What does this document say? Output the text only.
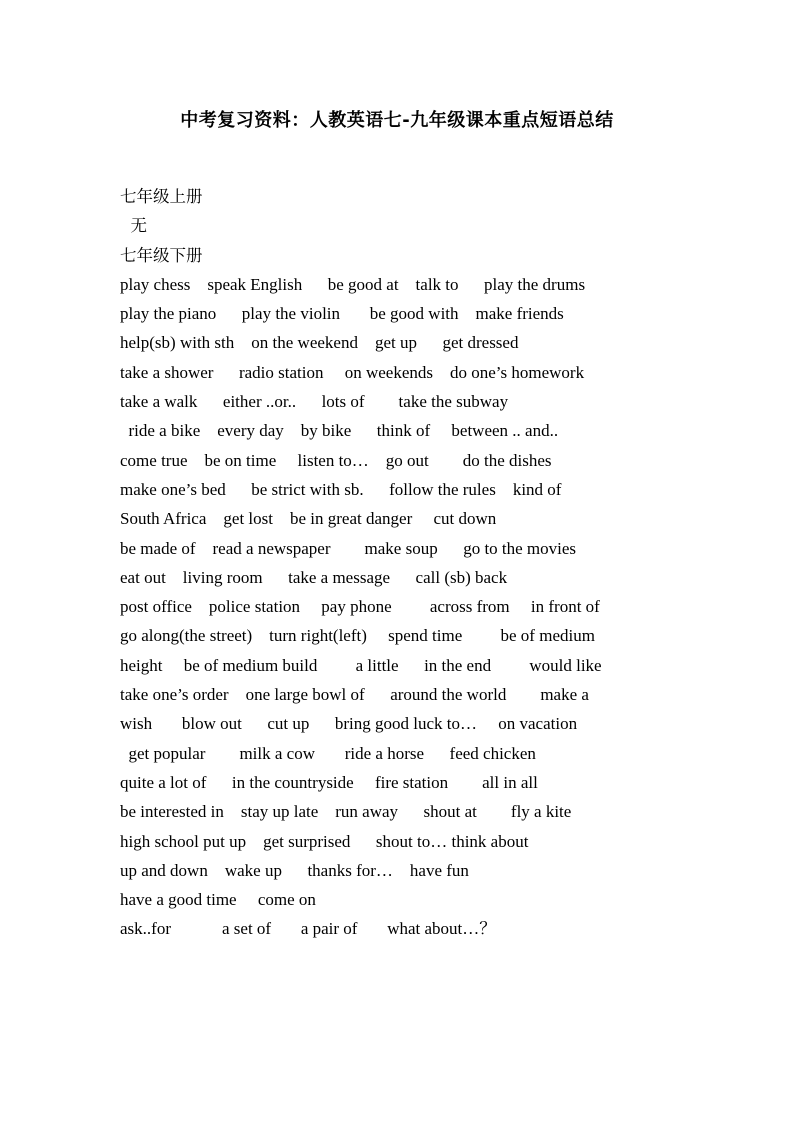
中考复习资料：人教英语七-九年级课本重点短语总结
七年级上册
无
七年级下册
play chess    speak English      be good at    talk to      play the drums
play the piano      play the violin       be good with    make friends
help(sb) with sth    on the weekend    get up      get dressed
take a shower      radio station     on weekends    do one’s homework
take a walk      either ..or..      lots of        take the subway
ride a bike    every day    by bike      think of     between .. and..
come true    be on time     listen to…    go out        do the dishes
make one’s bed      be strict with sb.      follow the rules    kind of
South Africa    get lost    be in great danger     cut down
be made of    read a newspaper        make soup      go to the movies
eat out    living room      take a message      call (sb) back
post office    police station     pay phone         across from     in front of
go along(the street)    turn right(left)     spend time         be of medium
height     be of medium build         a little      in the end         would like
take one’s order    one large bowl of      around the world        make a
wish       blow out      cut up      bring good luck to…     on vacation
get popular        milk a cow       ride a horse      feed chicken
quite a lot of      in the countryside     fire station        all in all
be interested in    stay up late    run away      shout at        fly a kite
high school put up    get surprised      shout to… think about
up and down    wake up      thanks for…    have fun
have a good time     come on
ask..for            a set of       a pair of       what about…？
